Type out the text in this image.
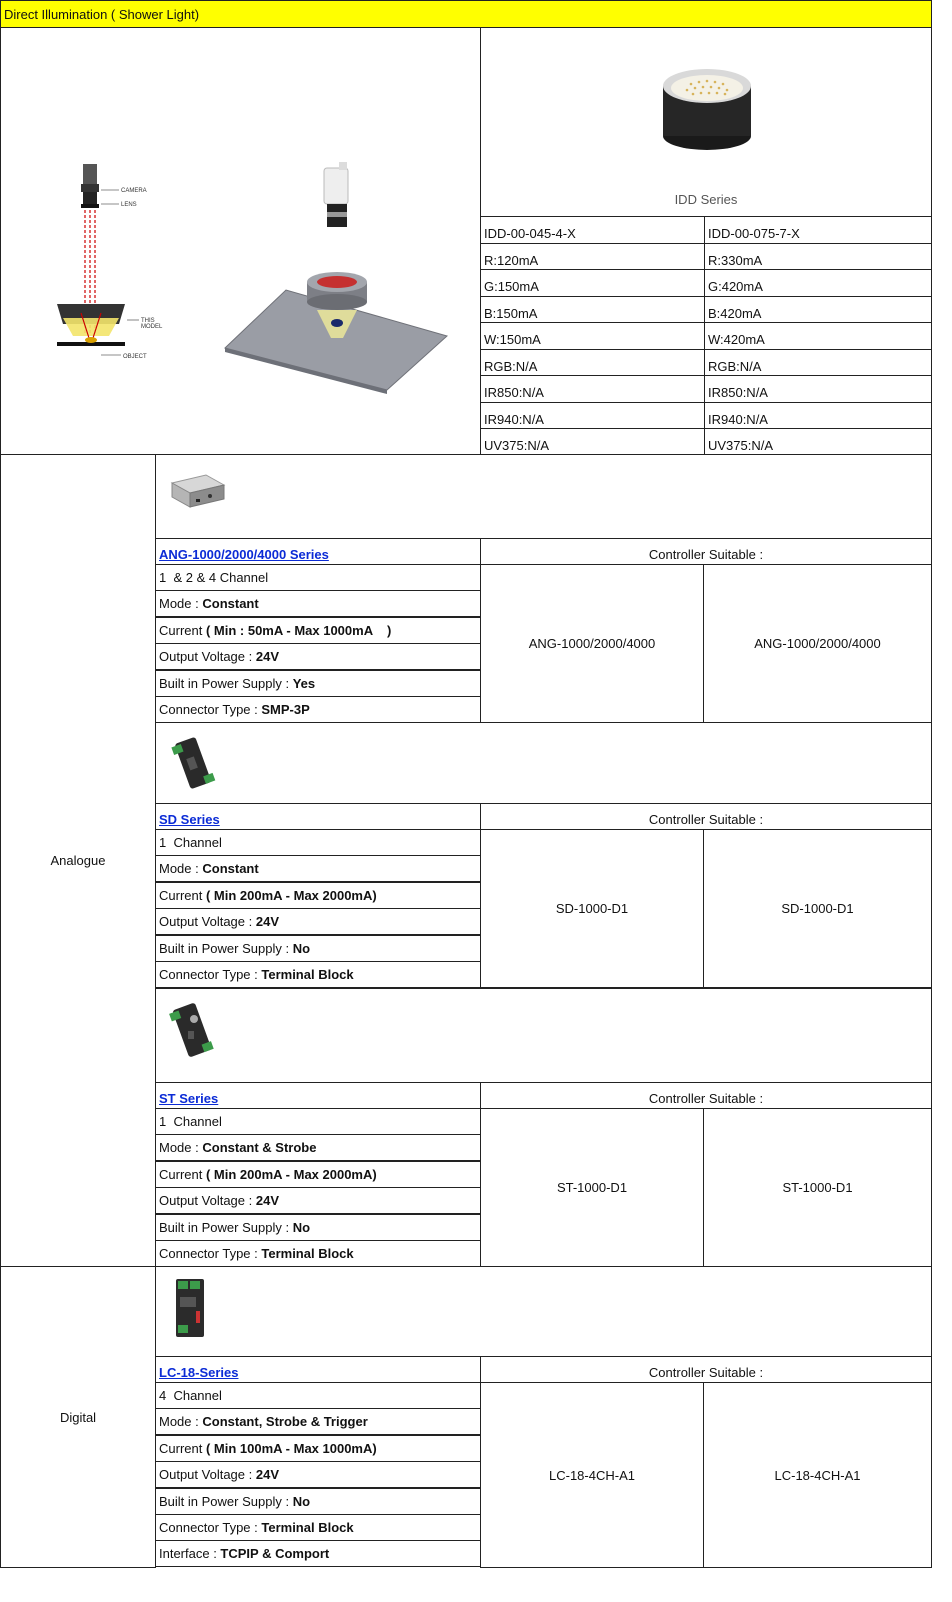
Direct Illumination ( Shower Light)
CAMERA
LENS
THIS
MODEL
OBJECT
IDD Series
IDD-00-045-4-X	IDD-00-075-7-X
R:120mA	R:330mA
G:150mA	G:420mA
B:150mA	B:420mA
W:150mA	W:420mA
RGB:N/A	RGB:N/A
IR850:N/A	IR850:N/A
IR940:N/A	IR940:N/A
UV375:N/A	UV375:N/A
Analogue
Digital
ANG-1000/2000/4000 Series	Controller Suitable :
1  & 2 & 4 Channel
Mode : Constant
Current ( Min : 50mA - Max 1000mA    )
Output Voltage : 24V
Built in Power Supply : Yes
Connector Type : SMP-3P
ANG-1000/2000/4000	ANG-1000/2000/4000
SD Series	Controller Suitable :
1  Channel
Mode : Constant
Current ( Min 200mA - Max 2000mA)
Output Voltage : 24V
Built in Power Supply : No
Connector Type : Terminal Block
SD-1000-D1	SD-1000-D1
ST Series	Controller Suitable :
1  Channel
Mode : Constant & Strobe
Current ( Min 200mA - Max 2000mA)
Output Voltage : 24V
Built in Power Supply : No
Connector Type : Terminal Block
ST-1000-D1	ST-1000-D1
LC-18-Series	Controller Suitable :
4  Channel
Mode : Constant, Strobe & Trigger
Current ( Min 100mA - Max 1000mA)
Output Voltage : 24V
Built in Power Supply : No
Connector Type : Terminal Block
Interface : TCPIP & Comport
LC-18-4CH-A1	LC-18-4CH-A1
